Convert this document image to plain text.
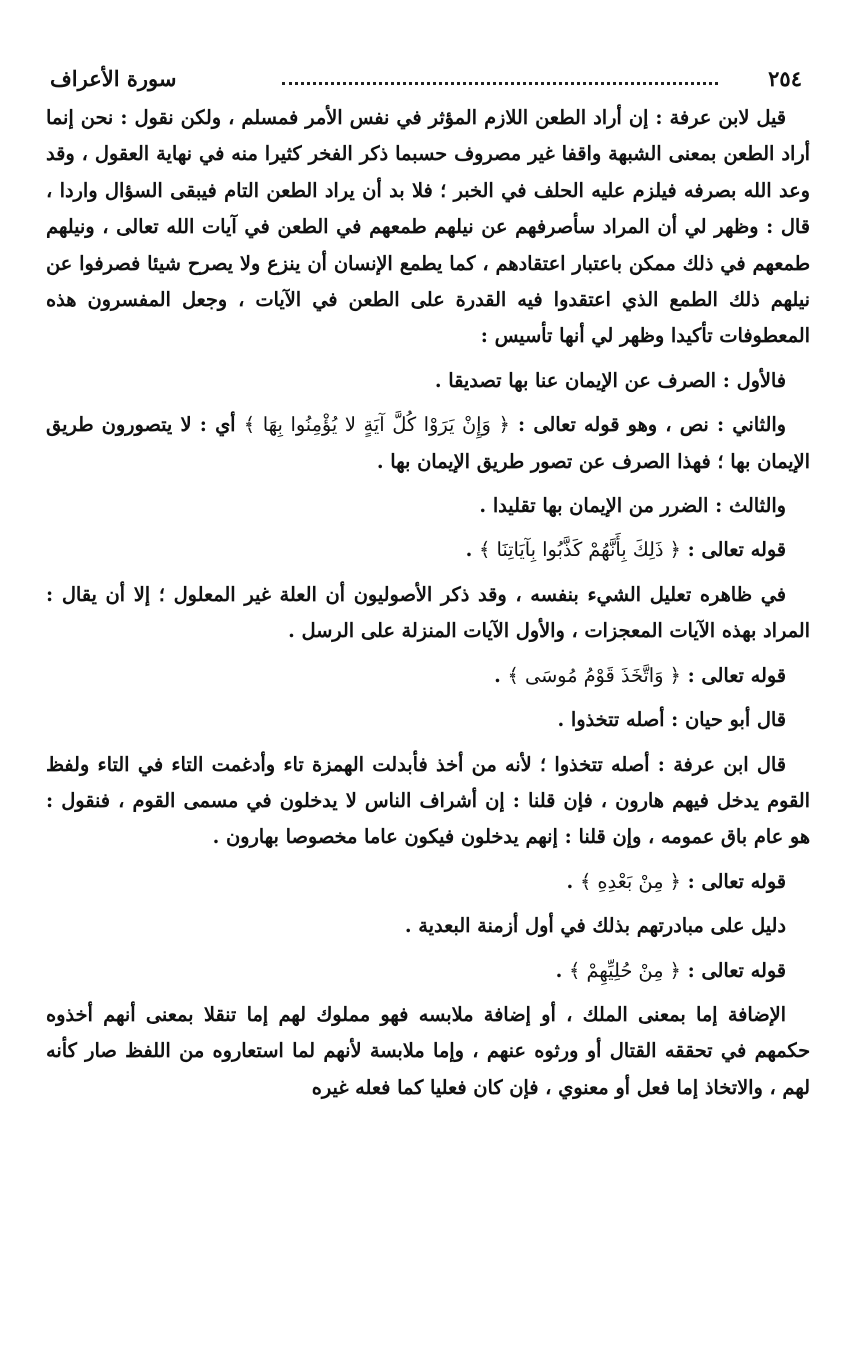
٢٥٤
سورة الأعراف

قيل لابن عرفة : إن أراد الطعن اللازم المؤثر في نفس الأمر فمسلم ، ولكن نقول : نحن إنما أراد الطعن بمعنى الشبهة واقفا غير مصروف حسبما ذكر الفخر كثيرا منه في نهاية العقول ، وقد وعد الله بصرفه فيلزم عليه الحلف في الخبر ؛ فلا بد أن يراد الطعن التام فيبقى السؤال واردا ، قال : وظهر لي أن المراد سأصرفهم عن نيلهم طمعهم في الطعن في آيات الله تعالى ، ونيلهم طمعهم في ذلك ممكن باعتبار اعتقادهم ، كما يطمع الإنسان أن ينزع ولا يصرح شيئا فصرفوا عن نيلهم ذلك الطمع الذي اعتقدوا فيه القدرة على الطعن في الآيات ، وجعل المفسرون هذه المعطوفات تأكيدا وظهر لي أنها تأسيس :

فالأول : الصرف عن الإيمان عنا بها تصديقا .

والثاني : نص ، وهو قوله تعالى : ﴿ وَإِنْ يَرَوْا كُلَّ آيَةٍ لا يُؤْمِنُوا بِهَا ﴾ أي : لا يتصورون طريق الإيمان بها ؛ فهذا الصرف عن تصور طريق الإيمان بها .

والثالث : الضرر من الإيمان بها تقليدا .

قوله تعالى : ﴿ ذَلِكَ بِأَنَّهُمْ كَذَّبُوا بِآيَاتِنَا ﴾ .

في ظاهره تعليل الشيء بنفسه ، وقد ذكر الأصوليون أن العلة غير المعلول ؛ إلا أن يقال : المراد بهذه الآيات المعجزات ، والأول الآيات المنزلة على الرسل .

قوله تعالى : ﴿ وَاتَّخَذَ قَوْمُ مُوسَى ﴾ .

قال أبو حيان : أصله تتخذوا .

قال ابن عرفة : أصله تتخذوا ؛ لأنه من أخذ فأبدلت الهمزة تاء وأدغمت التاء في التاء ولفظ القوم يدخل فيهم هارون ، فإن قلنا : إن أشراف الناس لا يدخلون في مسمى القوم ، فنقول : هو عام باق عمومه ، وإن قلنا : إنهم يدخلون فيكون عاما مخصوصا بهارون .

قوله تعالى : ﴿ مِنْ بَعْدِهِ ﴾ .

دليل على مبادرتهم بذلك في أول أزمنة البعدية .

قوله تعالى : ﴿ مِنْ حُلِيِّهِمْ ﴾ .

الإضافة إما بمعنى الملك ، أو إضافة ملابسه فهو مملوك لهم إما تنقلا بمعنى أنهم أخذوه حكمهم في تحققه القتال أو ورثوه عنهم ، وإما ملابسة لأنهم لما استعاروه من اللفظ صار كأنه لهم ، والاتخاذ إما فعل أو معنوي ، فإن كان فعليا كما فعله غيره
